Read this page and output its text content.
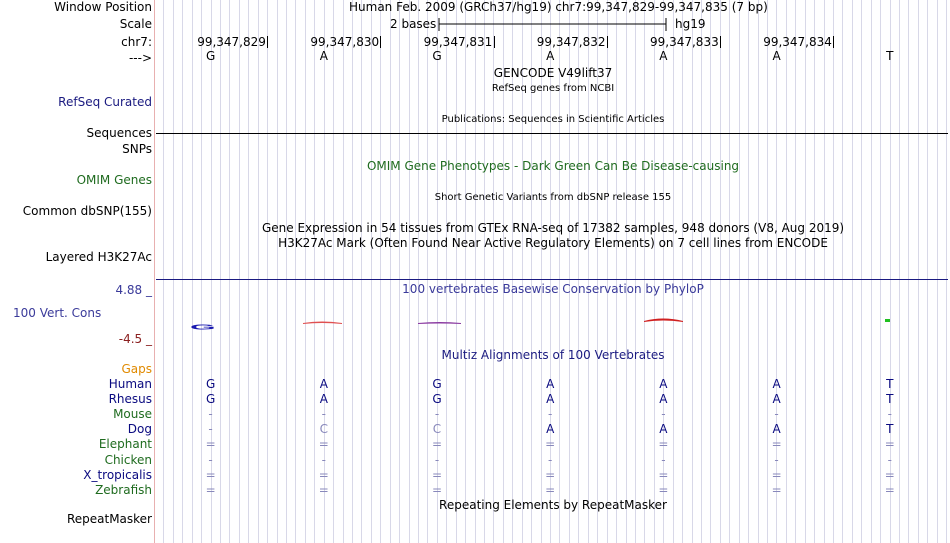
Window Position	Human Feb. 2009 (GRCh37/hg19) chr7:99,347,829-99,347,835 (7 bp)
Scale	2 bases	hg19
chr7:	99,347,829	99,347,830	99,347,831	99,347,832	99,347,833	99,347,834
--->	G	A	G	A	A	A	T
GENCODE V49lift37
RefSeq genes from NCBI
RefSeq Curated
Publications: Sequences in Scientific Articles
Sequences
SNPs
OMIM Gene Phenotypes - Dark Green Can Be Disease-causing
OMIM Genes
Short Genetic Variants from dbSNP release 155
Common dbSNP(155)
Gene Expression in 54 tissues from GTEx RNA-seq of 17382 samples, 948 donors (V8, Aug 2019)
H3K27Ac Mark (Often Found Near Active Regulatory Elements) on 7 cell lines from ENCODE
Layered H3K27Ac
4.88 _	100 vertebrates Basewise Conservation by PhyloP
100 Vert. Cons
G
-4.5 _
Multiz Alignments of 100 Vertebrates
Gaps
Human	G	A	G	A	A	A	T
Rhesus	G	A	G	A	A	A	T
Mouse	-	-	-	-	-	-	-
Dog	-	C	C	A	A	A	T
Elephant	=	=	=	=	=	=	=
Chicken	-	-	-	-	-	-	-
X_tropicalis	=	=	=	=	=	=	=
Zebrafish	=	=	=	=	=	=	=
Repeating Elements by RepeatMasker
RepeatMasker
